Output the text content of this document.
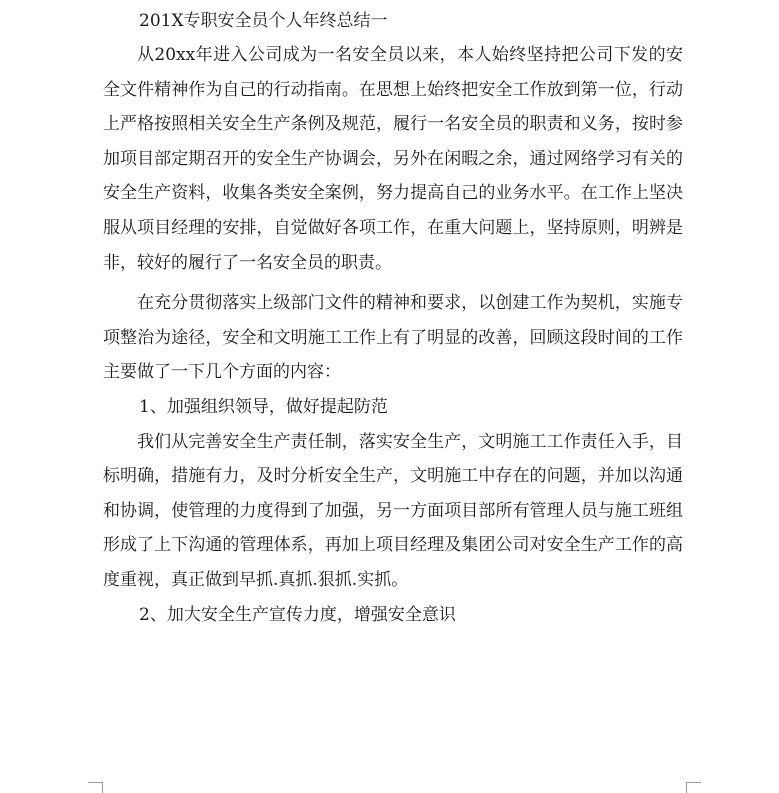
201X专职安全员个人年终总结一

从20xx年进入公司成为一名安全员以来，本人始终坚持把公司下发的安全文件精神作为自己的行动指南。在思想上始终把安全工作放到第一位，行动上严格按照相关安全生产条例及规范，履行一名安全员的职责和义务，按时参加项目部定期召开的安全生产协调会，另外在闲暇之余，通过网络学习有关的安全生产资料，收集各类安全案例，努力提高自己的业务水平。在工作上坚决服从项目经理的安排，自觉做好各项工作，在重大问题上，坚持原则，明辨是非，较好的履行了一名安全员的职责。

在充分贯彻落实上级部门文件的精神和要求，以创建工作为契机，实施专项整治为途径，安全和文明施工工作上有了明显的改善，回顾这段时间的工作主要做了一下几个方面的内容：

1、加强组织领导，做好提起防范

我们从完善安全生产责任制，落实安全生产，文明施工工作责任入手，目标明确，措施有力，及时分析安全生产，文明施工中存在的问题，并加以沟通和协调，使管理的力度得到了加强，另一方面项目部所有管理人员与施工班组形成了上下沟通的管理体系，再加上项目经理及集团公司对安全生产工作的高度重视，真正做到早抓.真抓.狠抓.实抓。

2、加大安全生产宣传力度，增强安全意识
